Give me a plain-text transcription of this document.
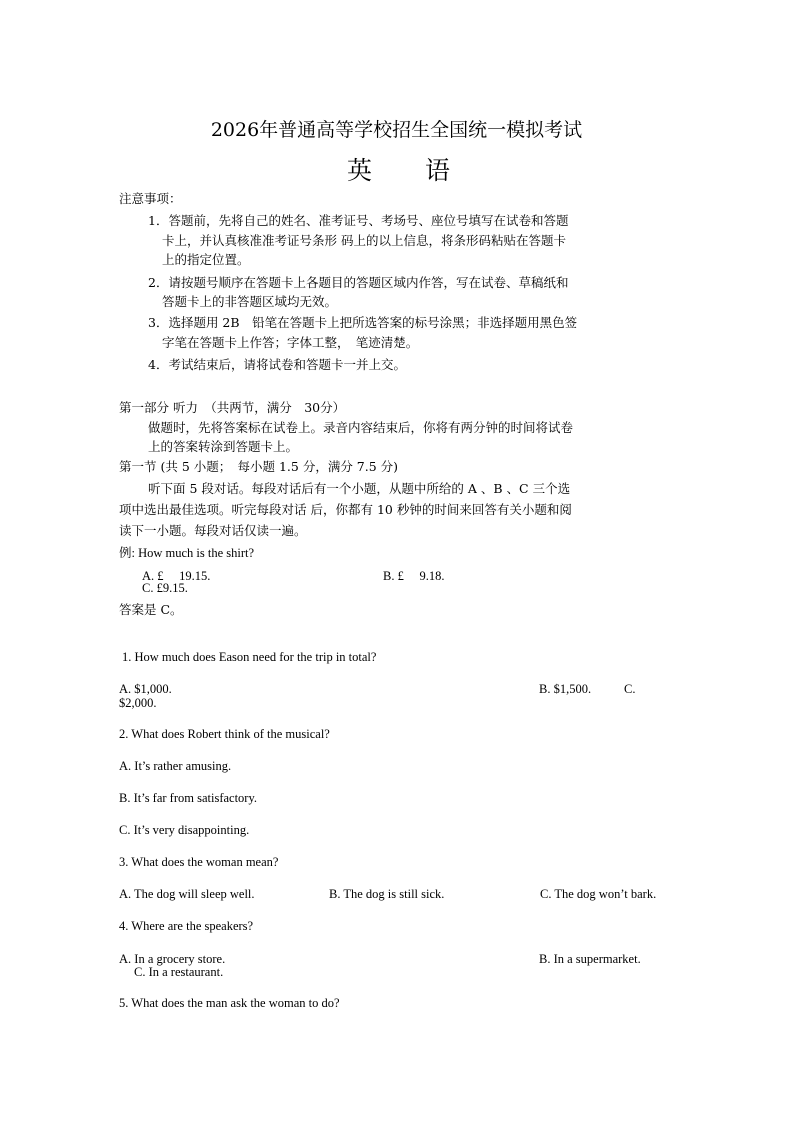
2026年普通高等学校招生全国统一模拟考试
英 语
注意事项：
1．答题前，先将自己的姓名、准考证号、考场号、座位号填写在试卷和答题
卡上，并认真核准准考证号条形 码上的以上信息，将条形码粘贴在答题卡
上的指定位置。
2．请按题号顺序在答题卡上各题目的答题区域内作答，写在试卷、草稿纸和
答题卡上的非答题区域均无效。
3．选择题用 2B　铅笔在答题卡上把所选答案的标号涂黑；非选择题用黑色签
字笔在答题卡上作答；字体工整，　笔迹清楚。
4．考试结束后，请将试卷和答题卡一并上交。
第一部分 听力　（共两节，满分　30分）
做题时，先将答案标在试卷上。录音内容结束后，你将有两分钟的时间将试卷
上的答案转涂到答题卡上。
第一节 (共 5 小题；　每小题 1.5 分，满分 7.5 分)
听下面 5 段对话。每段对话后有一个小题，从题中所给的 A 、B 、C 三个选
项中选出最佳选项。听完每段对话 后，你都有 10 秒钟的时间来回答有关小题和阅
读下一小题。每段对话仅读一遍。
例: How much is the shirt?
A. £　 19.15.	B. £　 9.18.
C. £9.15.
答案是 C。
1. How much does Eason need for the trip in total?
A. $1,000.	B. $1,500.	C.
$2,000.
2. What does Robert think of the musical?
A. It’s rather amusing.
B. It’s far from satisfactory.
C. It’s very disappointing.
3. What does the woman mean?
A. The dog will sleep well.	B. The dog is still sick.	C. The dog won’t bark.
4. Where are the speakers?
A. In a grocery store.	B. In a supermarket.
C. In a restaurant.
5. What does the man ask the woman to do?
